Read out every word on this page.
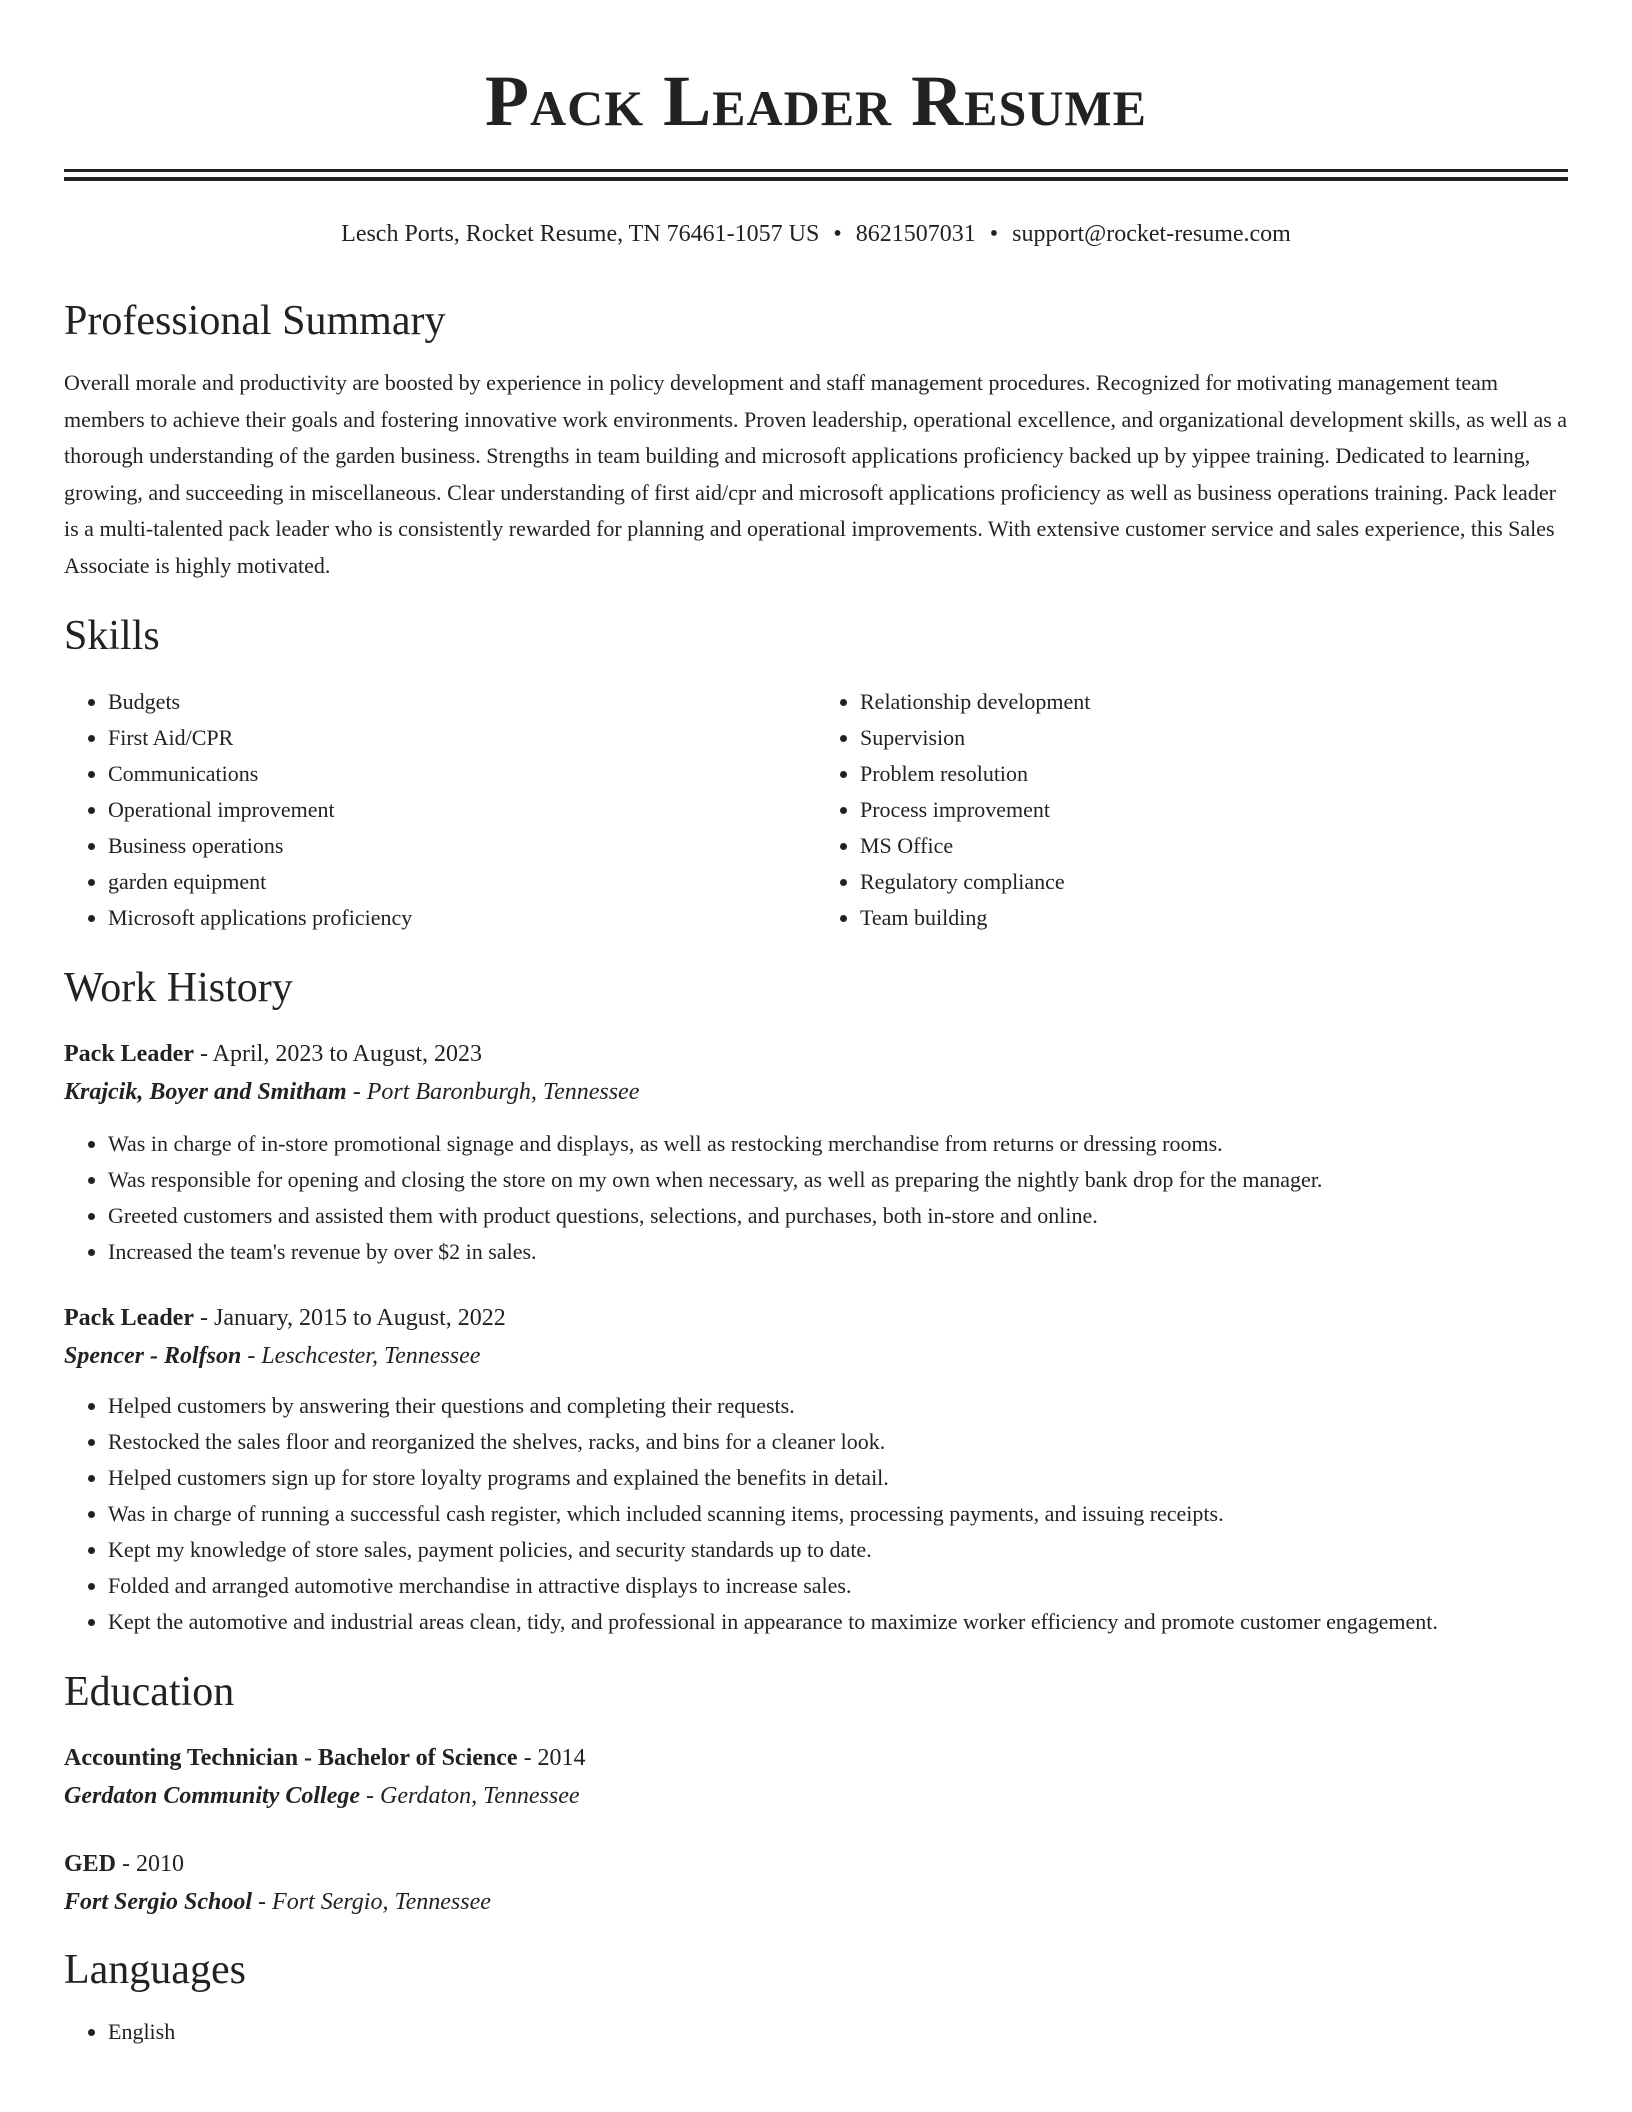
Pack Leader Resume
Lesch Ports, Rocket Resume, TN 76461-1057 US • 8621507031 • support@rocket-resume.com
Professional Summary

Overall morale and productivity are boosted by experience in policy development and staff management procedures. Recognized for motivating management team members to achieve their goals and fostering innovative work environments. Proven leadership, operational excellence, and organizational development skills, as well as a thorough understanding of the garden business. Strengths in team building and microsoft applications proficiency backed up by yippee training. Dedicated to learning, growing, and succeeding in miscellaneous. Clear understanding of first aid/cpr and microsoft applications proficiency as well as business operations training. Pack leader is a multi-talented pack leader who is consistently rewarded for planning and operational improvements. With extensive customer service and sales experience, this Sales Associate is highly motivated.

Skills
• Budgets
• First Aid/CPR
• Communications
• Operational improvement
• Business operations
• garden equipment
• Microsoft applications proficiency
• Relationship development
• Supervision
• Problem resolution
• Process improvement
• MS Office
• Regulatory compliance
• Team building
Work History

Pack Leader - April, 2023 to August, 2023

Krajcik, Boyer and Smitham - Port Baronburgh, Tennessee

• Was in charge of in-store promotional signage and displays, as well as restocking merchandise from returns or dressing rooms.
• Was responsible for opening and closing the store on my own when necessary, as well as preparing the nightly bank drop for the manager.
• Greeted customers and assisted them with product questions, selections, and purchases, both in-store and online.
• Increased the team's revenue by over $2 in sales.

Pack Leader - January, 2015 to August, 2022

Spencer - Rolfson - Leschcester, Tennessee

• Helped customers by answering their questions and completing their requests.
• Restocked the sales floor and reorganized the shelves, racks, and bins for a cleaner look.
• Helped customers sign up for store loyalty programs and explained the benefits in detail.
• Was in charge of running a successful cash register, which included scanning items, processing payments, and issuing receipts.
• Kept my knowledge of store sales, payment policies, and security standards up to date.
• Folded and arranged automotive merchandise in attractive displays to increase sales.
• Kept the automotive and industrial areas clean, tidy, and professional in appearance to maximize worker efficiency and promote customer engagement.
Education

Accounting Technician - Bachelor of Science - 2014

Gerdaton Community College - Gerdaton, Tennessee

GED - 2010

Fort Sergio School - Fort Sergio, Tennessee

Languages
• English
